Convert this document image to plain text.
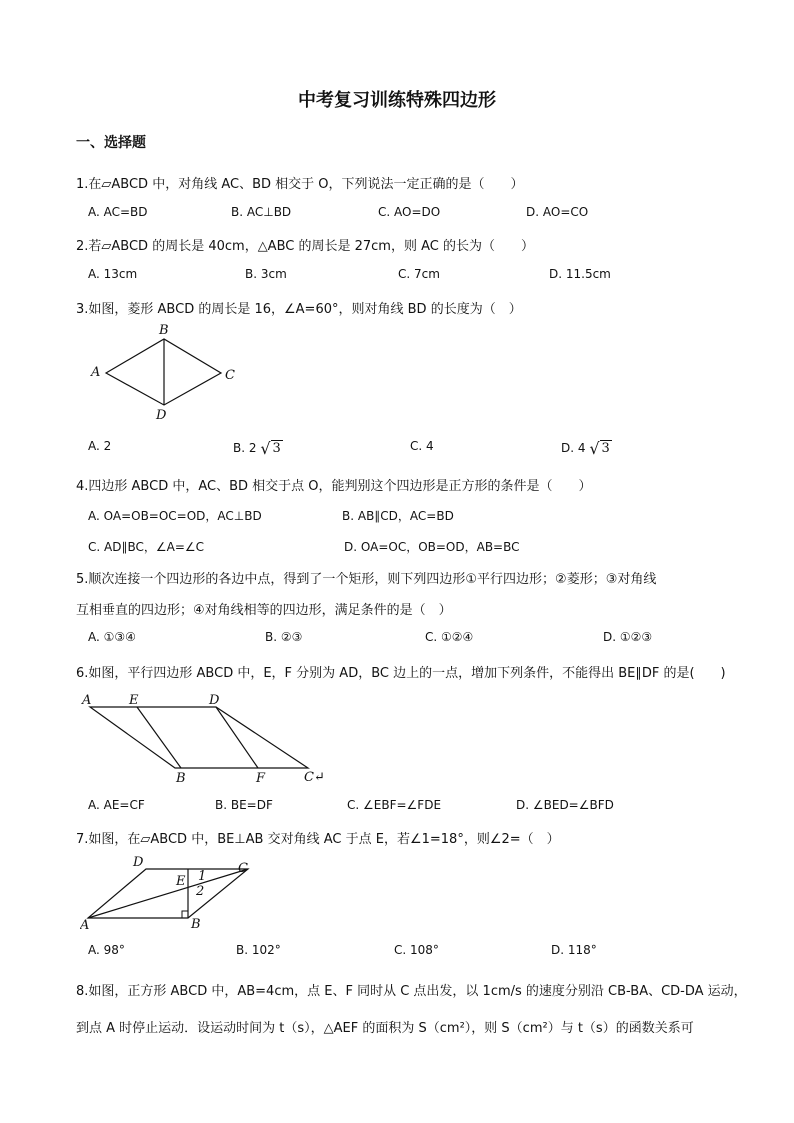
中考复习训练特殊四边形
一、选择题
1.在▱ABCD 中，对角线 AC、BD 相交于 O，下列说法一定正确的是（　　）
A. AC=BD	B. AC⊥BD	C. AO=DO	D. AO=CO
2.若▱ABCD 的周长是 40cm，△ABC 的周长是 27cm，则 AC 的长为（　　）
A. 13cm	B. 3cm	C. 7cm	D. 11.5cm
3.如图，菱形 ABCD 的周长是 16，∠A=60°，则对角线 BD 的长度为（　）
B
A	C
D
A. 2	B. 2 √ 3	C. 4	D. 4 √ 3
4.四边形 ABCD 中，AC、BD 相交于点 O，能判别这个四边形是正方形的条件是（　　）
A. OA=OB=OC=OD，AC⊥BD	B. AB∥CD，AC=BD
C. AD∥BC，∠A=∠C	D. OA=OC，OB=OD，AB=BC
5.顺次连接一个四边形的各边中点，得到了一个矩形，则下列四边形①平行四边形；②菱形；③对角线
互相垂直的四边形；④对角线相等的四边形，满足条件的是（　）
A. ①③④	B. ②③	C. ①②④	D. ①②③
6.如图，平行四边形 ABCD 中，E，F 分别为 AD，BC 边上的一点，增加下列条件，不能得出 BE∥DF 的是(　　)
A	E	D
B	F	C↵
A. AE=CF	B. BE=DF	C. ∠EBF=∠FDE	D. ∠BED=∠BFD
7.如图，在▱ABCD 中，BE⊥AB 交对角线 AC 于点 E，若∠1=18°，则∠2=（　）
D	C
E 1
2
A	B
A. 98°	B. 102°	C. 108°	D. 118°
8.如图，正方形 ABCD 中，AB=4cm，点 E、F 同时从 C 点出发，以 1cm/s 的速度分别沿 CB-BA、CD-DA 运动，
到点 A 时停止运动．设运动时间为 t（s），△AEF 的面积为 S（cm²），则 S（cm²）与 t（s）的函数关系可
